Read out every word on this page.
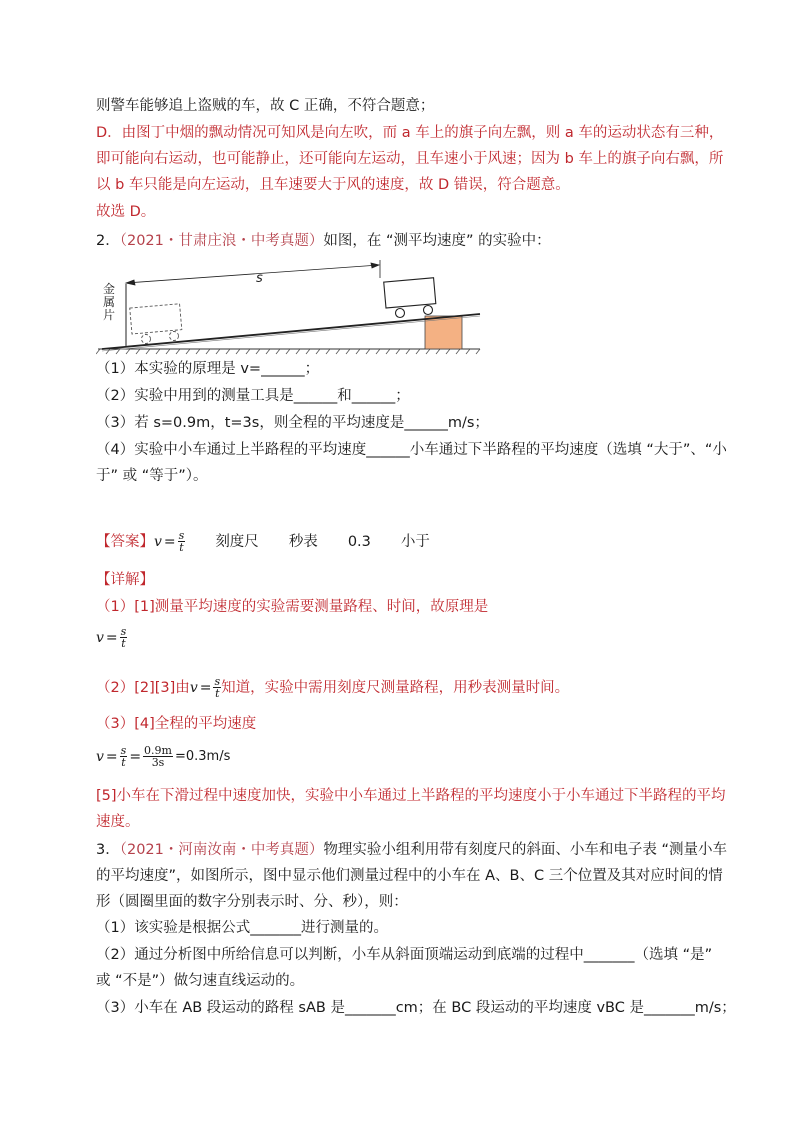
则警车能够追上盗贼的车，故 C 正确，不符合题意；
D．由图丁中烟的飘动情况可知风是向左吹，而 a 车上的旗子向左飘，则 a 车的运动状态有三种，
即可能向右运动，也可能静止，还可能向左运动，且车速小于风速；因为 b 车上的旗子向右飘，所
以 b 车只能是向左运动，且车速要大于风的速度，故 D 错误，符合题意。
故选 D。
2．（2021・甘肃庄浪・中考真题）如图，在 “测平均速度” 的实验中：
s
金属片
（1）本实验的原理是 v=______；
（2）实验中用到的测量工具是______和______；
（3）若 s=0.9m，t=3s，则全程的平均速度是______m/s；
（4）实验中小车通过上半路程的平均速度______小车通过下半路程的平均速度（选填 “大于”、“小
于” 或 “等于”）。
【答案】 $v = \frac{s}{t}$ 刻度尺 秒表 0.3 小于
【详解】
（1）[1]测量平均速度的实验需要测量路程、时间，故原理是
$v = \frac{s}{t}$
（2）[2][3]由 $v = \frac{s}{t}$ 知道，实验中需用刻度尺测量路程，用秒表测量时间。
（3）[4]全程的平均速度
$v = \frac{s}{t} = \frac{0.9m}{3s} =0.3m/s$
[5]小车在下滑过程中速度加快，实验中小车通过上半路程的平均速度小于小车通过下半路程的平均
速度。
3．（2021・河南汝南・中考真题）物理实验小组利用带有刻度尺的斜面、小车和电子表 “测量小车
的平均速度”，如图所示，图中显示他们测量过程中的小车在 A、B、C 三个位置及其对应时间的情
形（圆圈里面的数字分别表示时、分、秒），则：
（1）该实验是根据公式_______进行测量的。
（2）通过分析图中所给信息可以判断，小车从斜面顶端运动到底端的过程中_______（选填 “是”
或 “不是”）做匀速直线运动的。
（3）小车在 AB 段运动的路程 sAB 是_______cm；在 BC 段运动的平均速度 vBC 是_______m/s；
